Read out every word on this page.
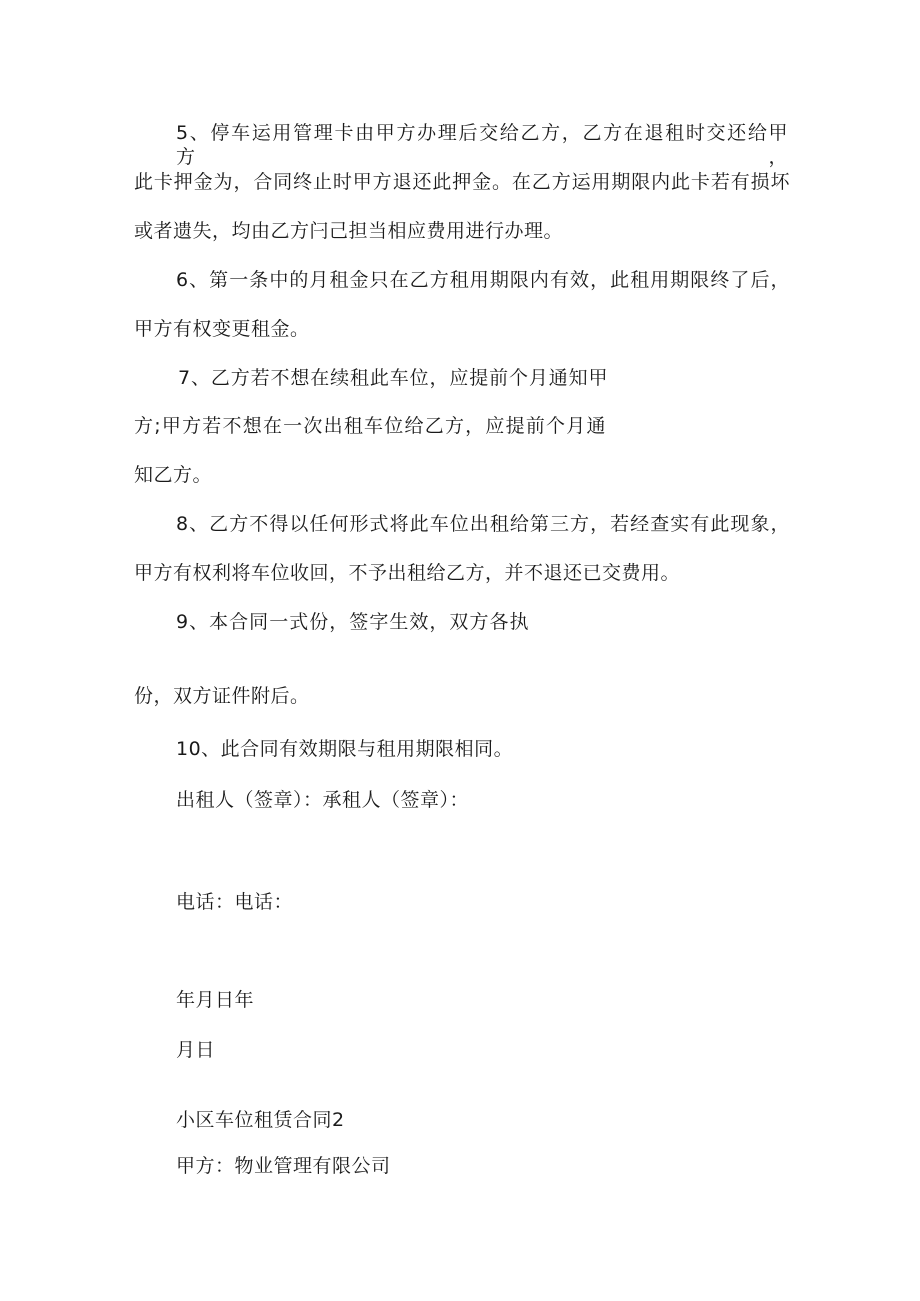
5、停车运用管理卡由甲方办理后交给乙方，乙方在退租时交还给甲方，
此卡押金为，合同终止时甲方退还此押金。在乙方运用期限内此卡若有损坏
或者遗失，均由乙方闩己担当相应费用进行办理。
6、第一条中的月租金只在乙方租用期限内有效，此租用期限终了后，
甲方有权变更租金。
7、乙方若不想在续租此车位，应提前个月通知甲
方;甲方若不想在一次出租车位给乙方，应提前个月通
知乙方。
8、乙方不得以任何形式将此车位出租给第三方，若经查实有此现象，
甲方有权利将车位收回，不予出租给乙方，并不退还已交费用。
9、本合同一式份，签字生效，双方各执
份，双方证件附后。
10、此合同有效期限与租用期限相同。
出租人（签章）：承租人（签章）：
电话：电话：
年月日年
月日
小区车位租赁合同2
甲方：物业管理有限公司
